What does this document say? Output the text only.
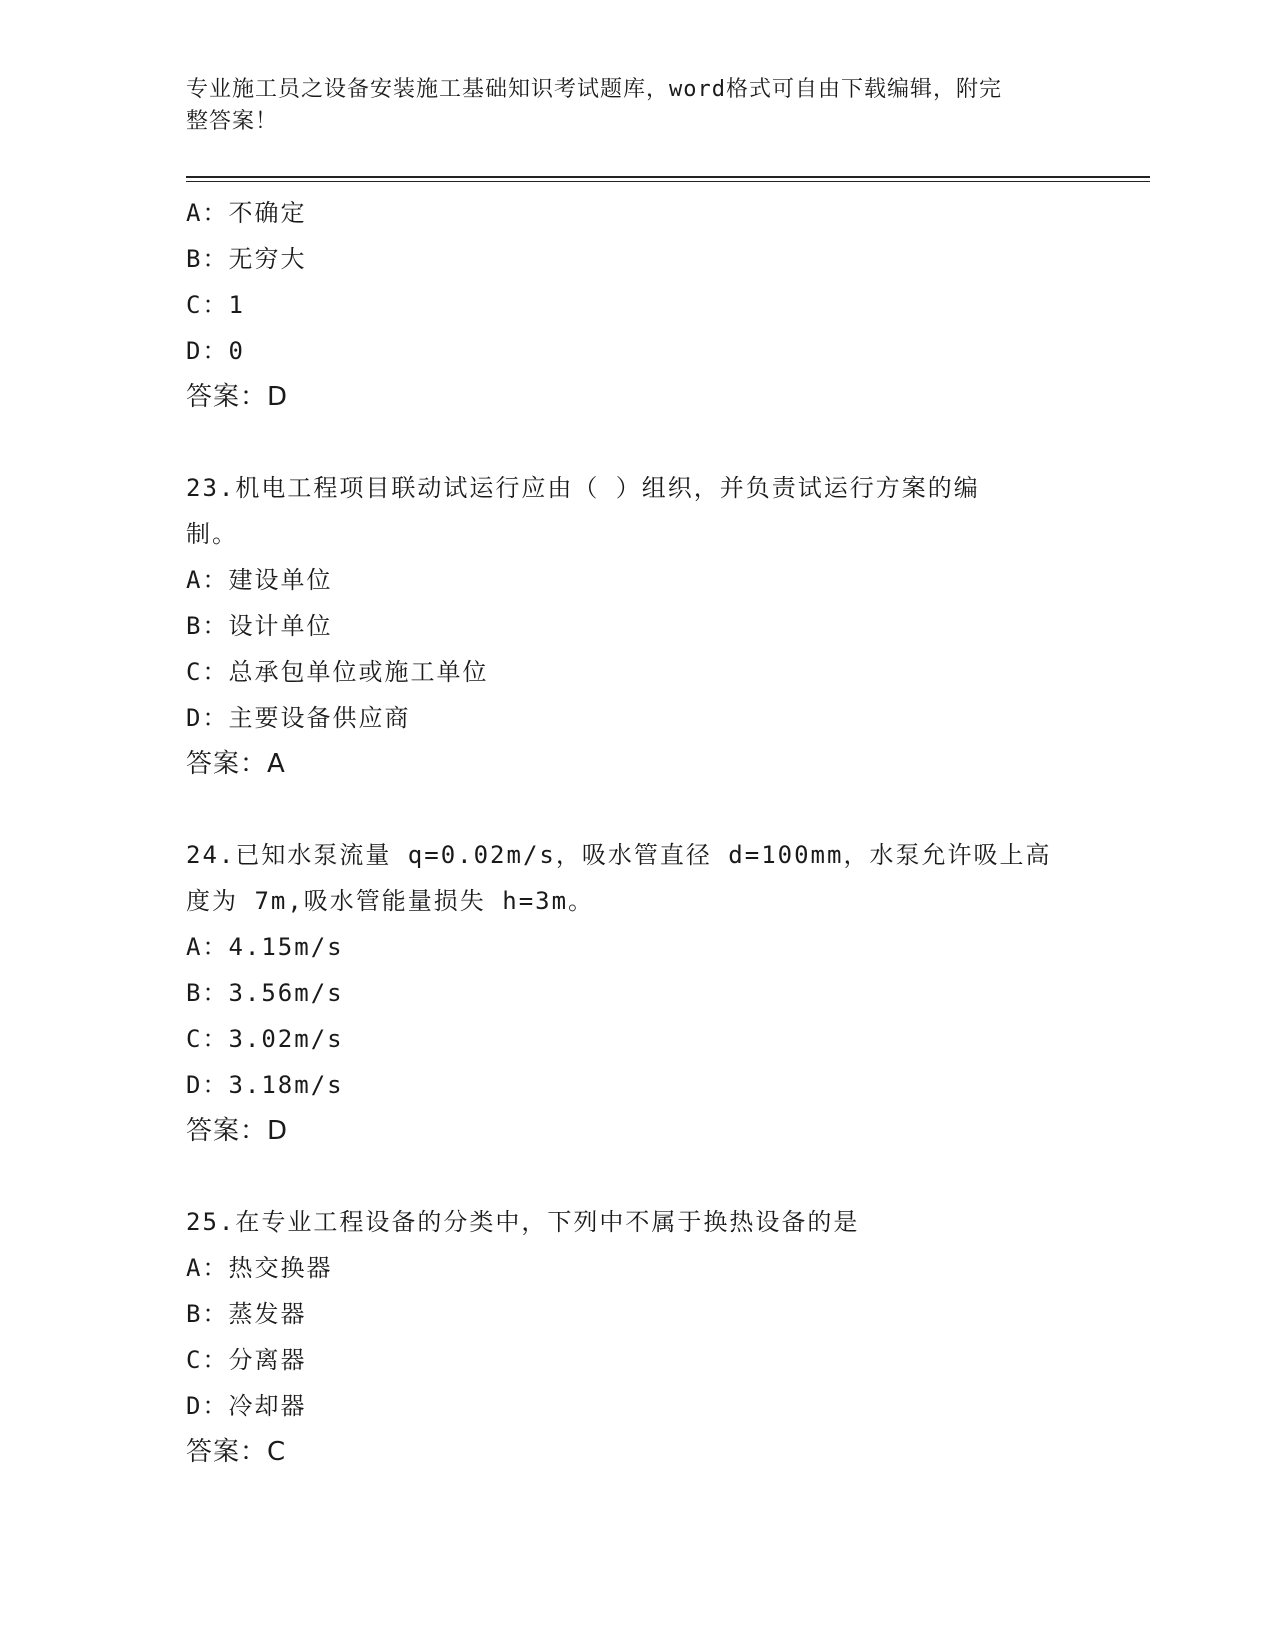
专业施工员之设备安装施工基础知识考试题库，word格式可自由下载编辑，附完
整答案！
A：不确定
B：无穷大
C：1
D：0
答案：D
23.机电工程项目联动试运行应由（ ）组织，并负责试运行方案的编
制。
A：建设单位
B：设计单位
C：总承包单位或施工单位
D：主要设备供应商
答案：A
24.已知水泵流量 q=0.02m/s，吸水管直径 d=100mm，水泵允许吸上高
度为 7m,吸水管能量损失 h=3m。
A：4.15m/s
B：3.56m/s
C：3.02m/s
D：3.18m/s
答案：D
25.在专业工程设备的分类中，下列中不属于换热设备的是
A：热交换器
B：蒸发器
C：分离器
D：冷却器
答案：C
